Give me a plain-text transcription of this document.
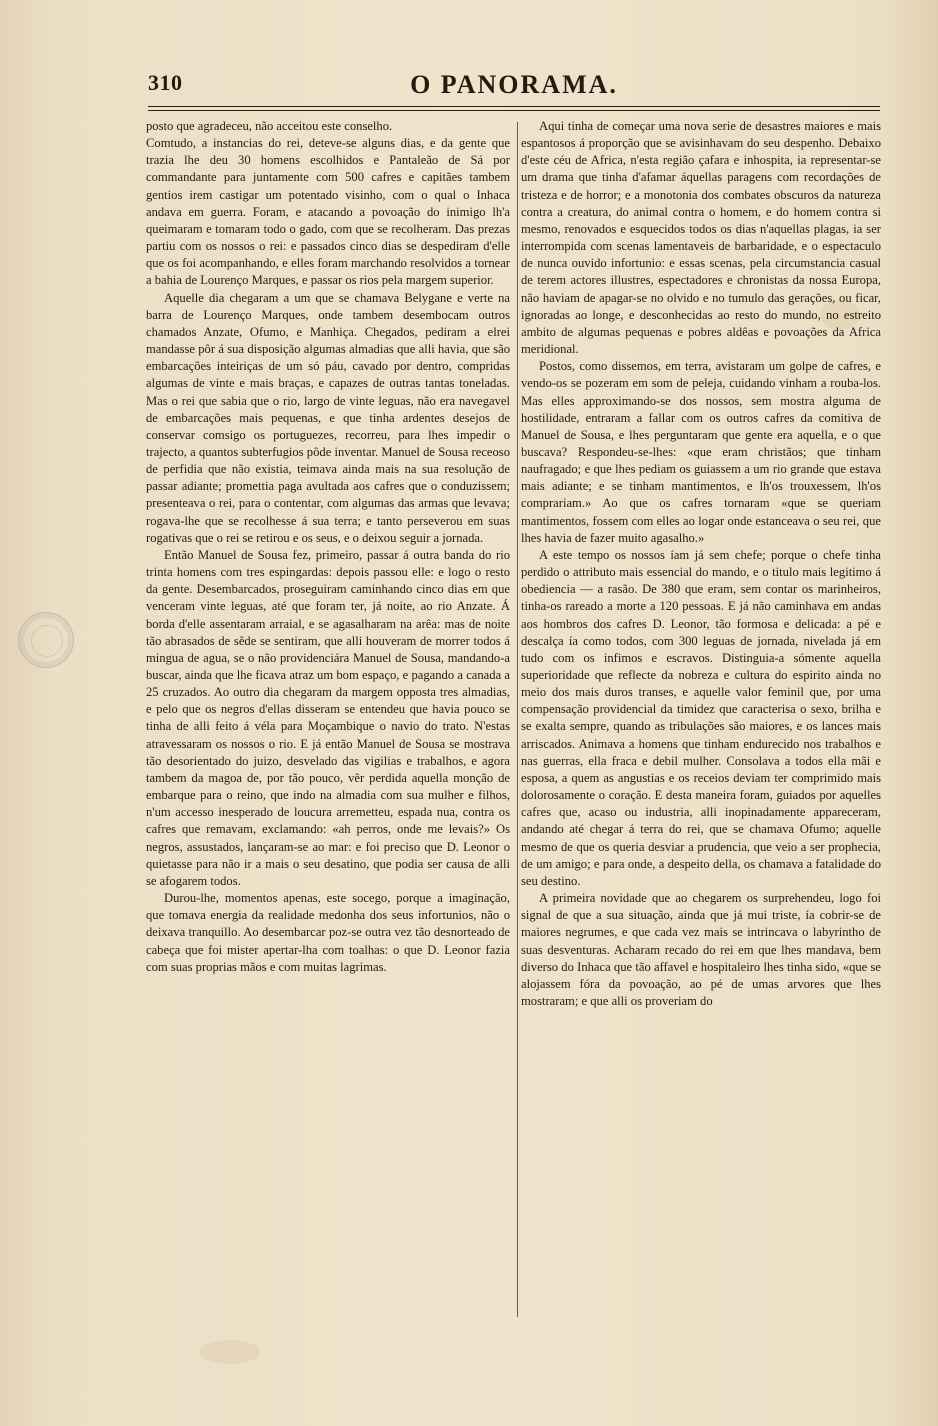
310	O PANORAMA.

posto que agradeceu, não acceitou este conselho.

Comtudo, a instancias do rei, deteve-se alguns dias, e da gente que trazia lhe deu 30 homens escolhidos e Pantaleão de Sá por commandante para juntamente com 500 cafres e capitães tambem gentios irem castigar um potentado visinho, com o qual o Inhaca andava em guerra. Foram, e atacando a povoação do inimigo lh'a queimaram e tomaram todo o gado, com que se recolheram. Das prezas partiu com os nossos o rei: e passados cinco dias se despediram d'elle que os foi acompanhando, e elles foram marchando resolvidos a tornear a bahia de Lourenço Marques, e passar os rios pela margem superior.

Aquelle dia chegaram a um que se chamava Belygane e verte na barra de Lourenço Marques, onde tambem desembocam outros chamados Anzate, Ofumo, e Manhiça. Chegados, pediram a elrei mandasse pôr á sua disposição algumas almadias que alli havia, que são embarcações inteiriças de um só páu, cavado por dentro, compridas algumas de vinte e mais braças, e capazes de outras tantas toneladas. Mas o rei que sabia que o rio, largo de vinte leguas, não era navegavel de embarcações mais pequenas, e que tinha ardentes desejos de conservar comsigo os portuguezes, recorreu, para lhes impedir o trajecto, a quantos subterfugios pôde inventar. Manuel de Sousa receoso de perfidia que não existia, teimava ainda mais na sua resolução de passar adiante; promettia paga avultada aos cafres que o conduzissem; presenteava o rei, para o contentar, com algumas das armas que levava; rogava-lhe que se recolhesse á sua terra; e tanto perseverou em suas rogativas que o rei se retirou e os seus, e o deixou seguir a jornada.

Então Manuel de Sousa fez, primeiro, passar á outra banda do rio trinta homens com tres espingardas: depois passou elle: e logo o resto da gente. Desembarcados, proseguiram caminhando cinco dias em que venceram vinte leguas, até que foram ter, já noite, ao rio Anzate. Á borda d'elle assentaram arraial, e se agasalharam na arêa: mas de noite tão abrasados de sêde se sentiram, que alli houveram de morrer todos á mingua de agua, se o não providenciára Manuel de Sousa, mandando-a buscar, ainda que lhe ficava atraz um bom espaço, e pagando a canada a 25 cruzados. Ao outro dia chegaram da margem opposta tres almadias, e pelo que os negros d'ellas disseram se entendeu que havia pouco se tinha de alli feito á véla para Moçambique o navio do trato. N'estas atravessaram os nossos o rio. E já então Manuel de Sousa se mostrava tão desorientado do juizo, desvelado das vigilias e trabalhos, e agora tambem da magoa de, por tão pouco, vêr perdida aquella monção de embarque para o reino, que indo na almadia com sua mulher e filhos, n'um accesso inesperado de loucura arremetteu, espada nua, contra os cafres que remavam, exclamando: «ah perros, onde me levais?» Os negros, assustados, lançaram-se ao mar: e foi preciso que D. Leonor o quietasse para não ir a mais o seu desatino, que podia ser causa de alli se afogarem todos.

Durou-lhe, momentos apenas, este socego, porque a imaginação, que tomava energia da realidade medonha dos seus infortunios, não o deixava tranquillo. Ao desembarcar poz-se outra vez tão desnorteado de cabeça que foi mister apertar-lha com toalhas: o que D. Leonor fazia com suas proprias mãos e com muitas lagrimas.

Aqui tinha de começar uma nova serie de desastres maiores e mais espantosos á proporção que se avisinhavam do seu despenho. Debaixo d'este céu de Africa, n'esta região çafara e inhospita, ia representar-se um drama que tinha d'afamar áquellas paragens com recordações de tristeza e de horror; e a monotonia dos combates obscuros da natureza contra a creatura, do animal contra o homem, e do homem contra si mesmo, renovados e esquecidos todos os dias n'aquellas plagas, ia ser interrompida com scenas lamentaveis de barbaridade, e o espectaculo de nunca ouvido infortunio: e essas scenas, pela circumstancia casual de terem actores illustres, espectadores e chronistas da nossa Europa, não haviam de apagar-se no olvido e no tumulo das gerações, ou ficar, ignoradas ao longe, e desconhecidas ao resto do mundo, no estreito ambito de algumas pequenas e pobres aldêas e povoações da Africa meridional.

Postos, como dissemos, em terra, avistaram um golpe de cafres, e vendo-os se pozeram em som de peleja, cuidando vinham a rouba-los. Mas elles approximando-se dos nossos, sem mostra alguma de hostilidade, entraram a fallar com os outros cafres da comitiva de Manuel de Sousa, e lhes perguntaram que gente era aquella, e o que buscava? Respondeu-se-lhes: «que eram christãos; que tinham naufragado; e que lhes pediam os guiassem a um rio grande que estava mais adiante; e se tinham mantimentos, e lh'os trouxessem, lh'os comprariam.» Ao que os cafres tornaram «que se queriam mantimentos, fossem com elles ao logar onde estanceava o seu rei, que lhes havia de fazer muito agasalho.»

A este tempo os nossos íam já sem chefe; porque o chefe tinha perdido o attributo mais essencial do mando, e o titulo mais legitimo á obediencia — a rasão. De 380 que eram, sem contar os marinheiros, tinha-os rareado a morte a 120 pessoas. E já não caminhava em andas aos hombros dos cafres D. Leonor, tão formosa e delicada: a pé e descalça ía como todos, com 300 leguas de jornada, nivelada já em tudo com os infimos e escravos. Distinguia-a sómente aquella superioridade que reflecte da nobreza e cultura do espirito ainda no meio dos mais duros transes, e aquelle valor feminil que, por uma compensação providencial da timidez que caracterisa o sexo, brilha e se exalta sempre, quando as tribulações são maiores, e os lances mais arriscados. Animava a homens que tinham endurecido nos trabalhos e nas guerras, ella fraca e debil mulher. Consolava a todos ella mãi e esposa, a quem as angustias e os receios deviam ter comprimido mais dolorosamente o coração. E desta maneira foram, guiados por aquelles cafres que, acaso ou industria, alli inopinadamente appareceram, andando até chegar á terra do rei, que se chamava Ofumo; aquelle mesmo de que os queria desviar a prudencia, que veio a ser prophecia, de um amigo; e para onde, a despeito della, os chamava a fatalidade do seu destino.

A primeira novidade que ao chegarem os surprehendeu, logo foi signal de que a sua situação, ainda que já mui triste, ía cobrir-se de maiores negrumes, e que cada vez mais se intrincava o labyrintho de suas desventuras. Acharam recado do rei em que lhes mandava, bem diverso do Inhaca que tão affavel e hospitaleiro lhes tinha sido, «que se alojassem fóra da povoação, ao pé de umas arvores que lhes mostraram; e que alli os proveriam do
